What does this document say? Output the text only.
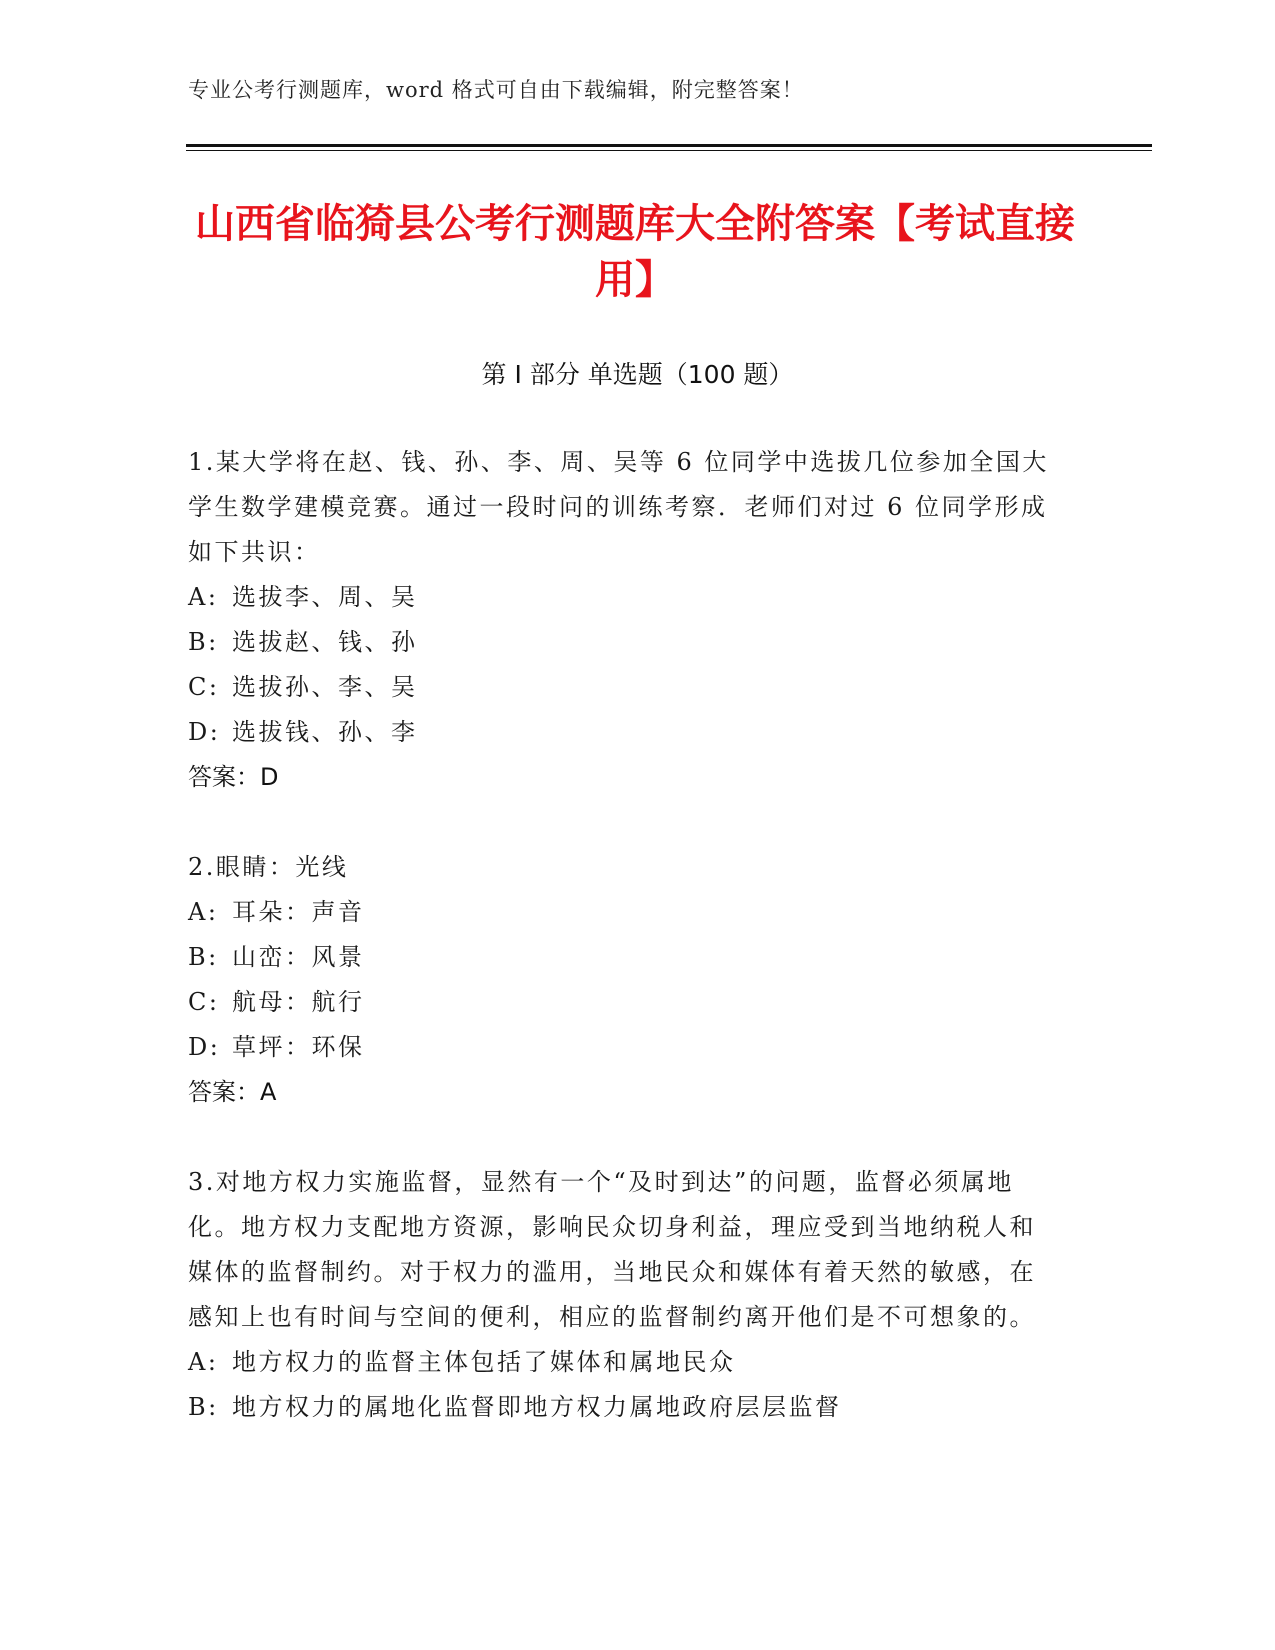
专业公考行测题库，word 格式可自由下载编辑，附完整答案！
山西省临猗县公考行测题库大全附答案【考试直接用】
第 I 部分 单选题（100 题）

1.某大学将在赵、钱、孙、李、周、吴等 6 位同学中选拔几位参加全国大学生数学建模竞赛。通过一段时问的训练考察．老师们对过 6 位同学形成如下共识：

A: 选拔李、周、吴

B: 选拔赵、钱、孙

C: 选拔孙、李、吴

D: 选拔钱、孙、李

答案：D

2.眼睛：光线

A: 耳朵：声音

B: 山峦：风景

C: 航母：航行

D: 草坪：环保

答案：A

3.对地方权力实施监督，显然有一个“及时到达”的问题，监督必须属地化。地方权力支配地方资源，影响民众切身利益，理应受到当地纳税人和媒体的监督制约。对于权力的滥用，当地民众和媒体有着天然的敏感，在感知上也有时间与空间的便利，相应的监督制约离开他们是不可想象的。

A: 地方权力的监督主体包括了媒体和属地民众

B: 地方权力的属地化监督即地方权力属地政府层层监督
